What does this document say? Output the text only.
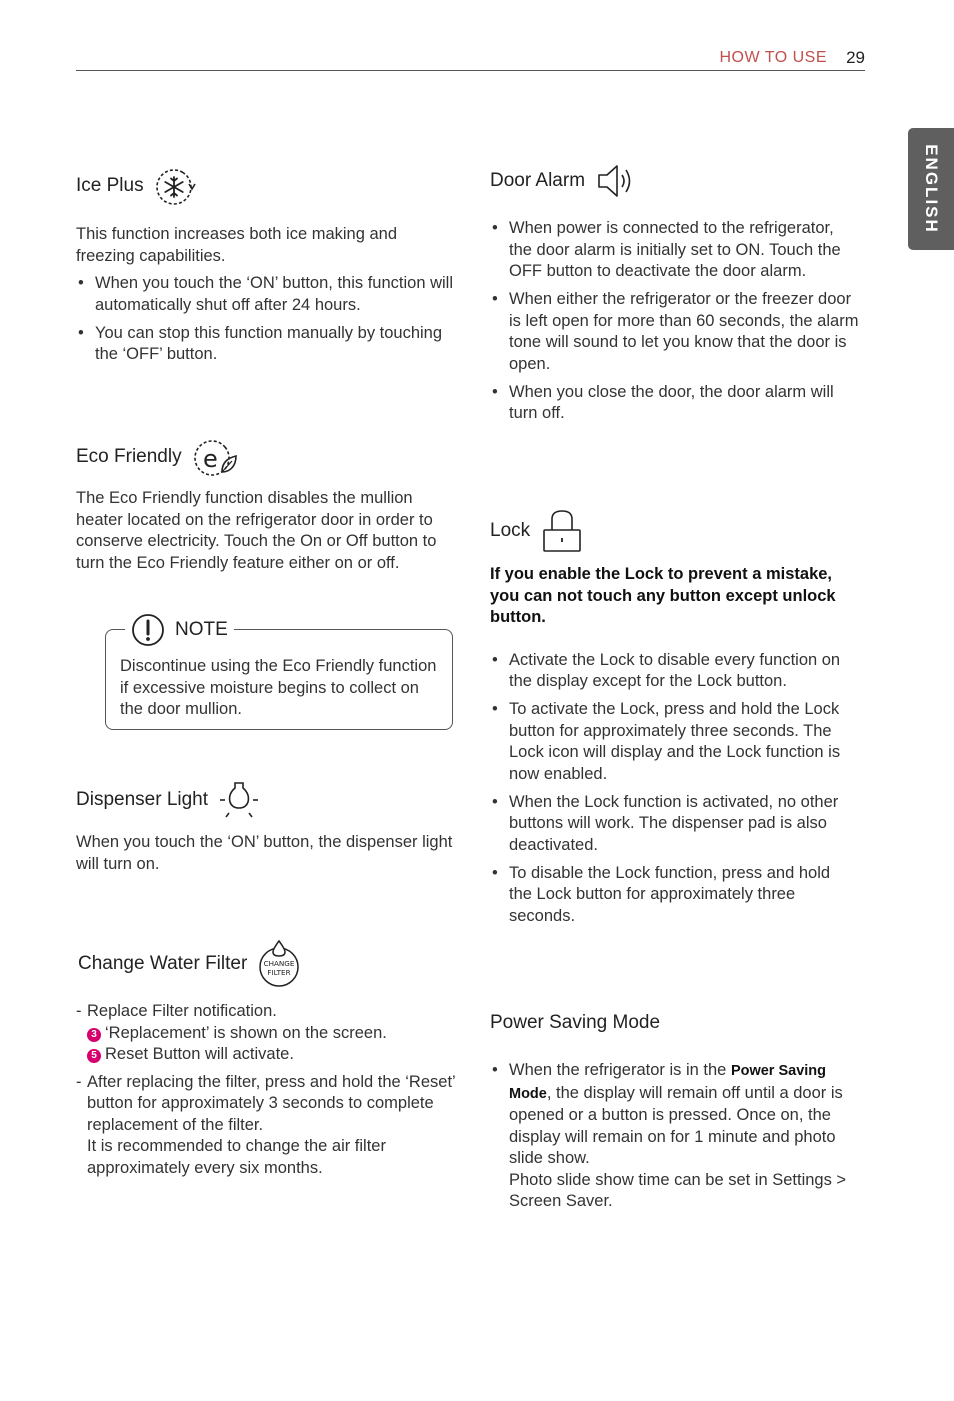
HOW TO USE 29
ENGLISH
Ice Plus

This function increases both ice making and freezing capabilities.

• When you touch the ‘ON’ button, this function will automatically shut off after 24 hours.
• You can stop this function manually by touching the ‘OFF’ button.
Eco Friendly e

The Eco Friendly function disables the mullion heater located on the refrigerator door in order to conserve electricity. Touch the On or Off button to turn the Eco Friendly feature either on or off.

NOTE
Discontinue using the Eco Friendly function if excessive moisture begins to collect on the door mullion.
Dispenser Light

When you touch the ‘ON’ button, the dispenser light will turn on.

Change Water Filter CHANGE
FILTER
- Replace Filter notification.
3 ‘Replacement’ is shown on the screen.
5 Reset Button will activate.
- After replacing the filter, press and hold the ‘Reset’ button for approximately 3 seconds to complete replacement of the filter.
It is recommended to change the air filter approximately every six months.
Door Alarm
• When power is connected to the refrigerator, the door alarm is initially set to ON. Touch the OFF button to deactivate the door alarm.
• When either the refrigerator or the freezer door is left open for more than 60 seconds, the alarm tone will sound to let you know that the door is open.
• When you close the door, the door alarm will turn off.
Lock

If you enable the Lock to prevent a mistake, you can not touch any button except unlock button.

• Activate the Lock to disable every function on the display except for the Lock button.
• To activate the Lock, press and hold the Lock button for approximately three seconds. The Lock icon will display and the Lock function is now enabled.
• When the Lock function is activated, no other buttons will work. The dispenser pad is also deactivated.
• To disable the Lock function, press and hold the Lock button for approximately three seconds.
Power Saving Mode
• When the refrigerator is in the Power Saving Mode, the display will remain off until a door is opened or a button is pressed. Once on, the display will remain on for 1 minute and photo slide show.
Photo slide show time can be set in Settings > Screen Saver.
